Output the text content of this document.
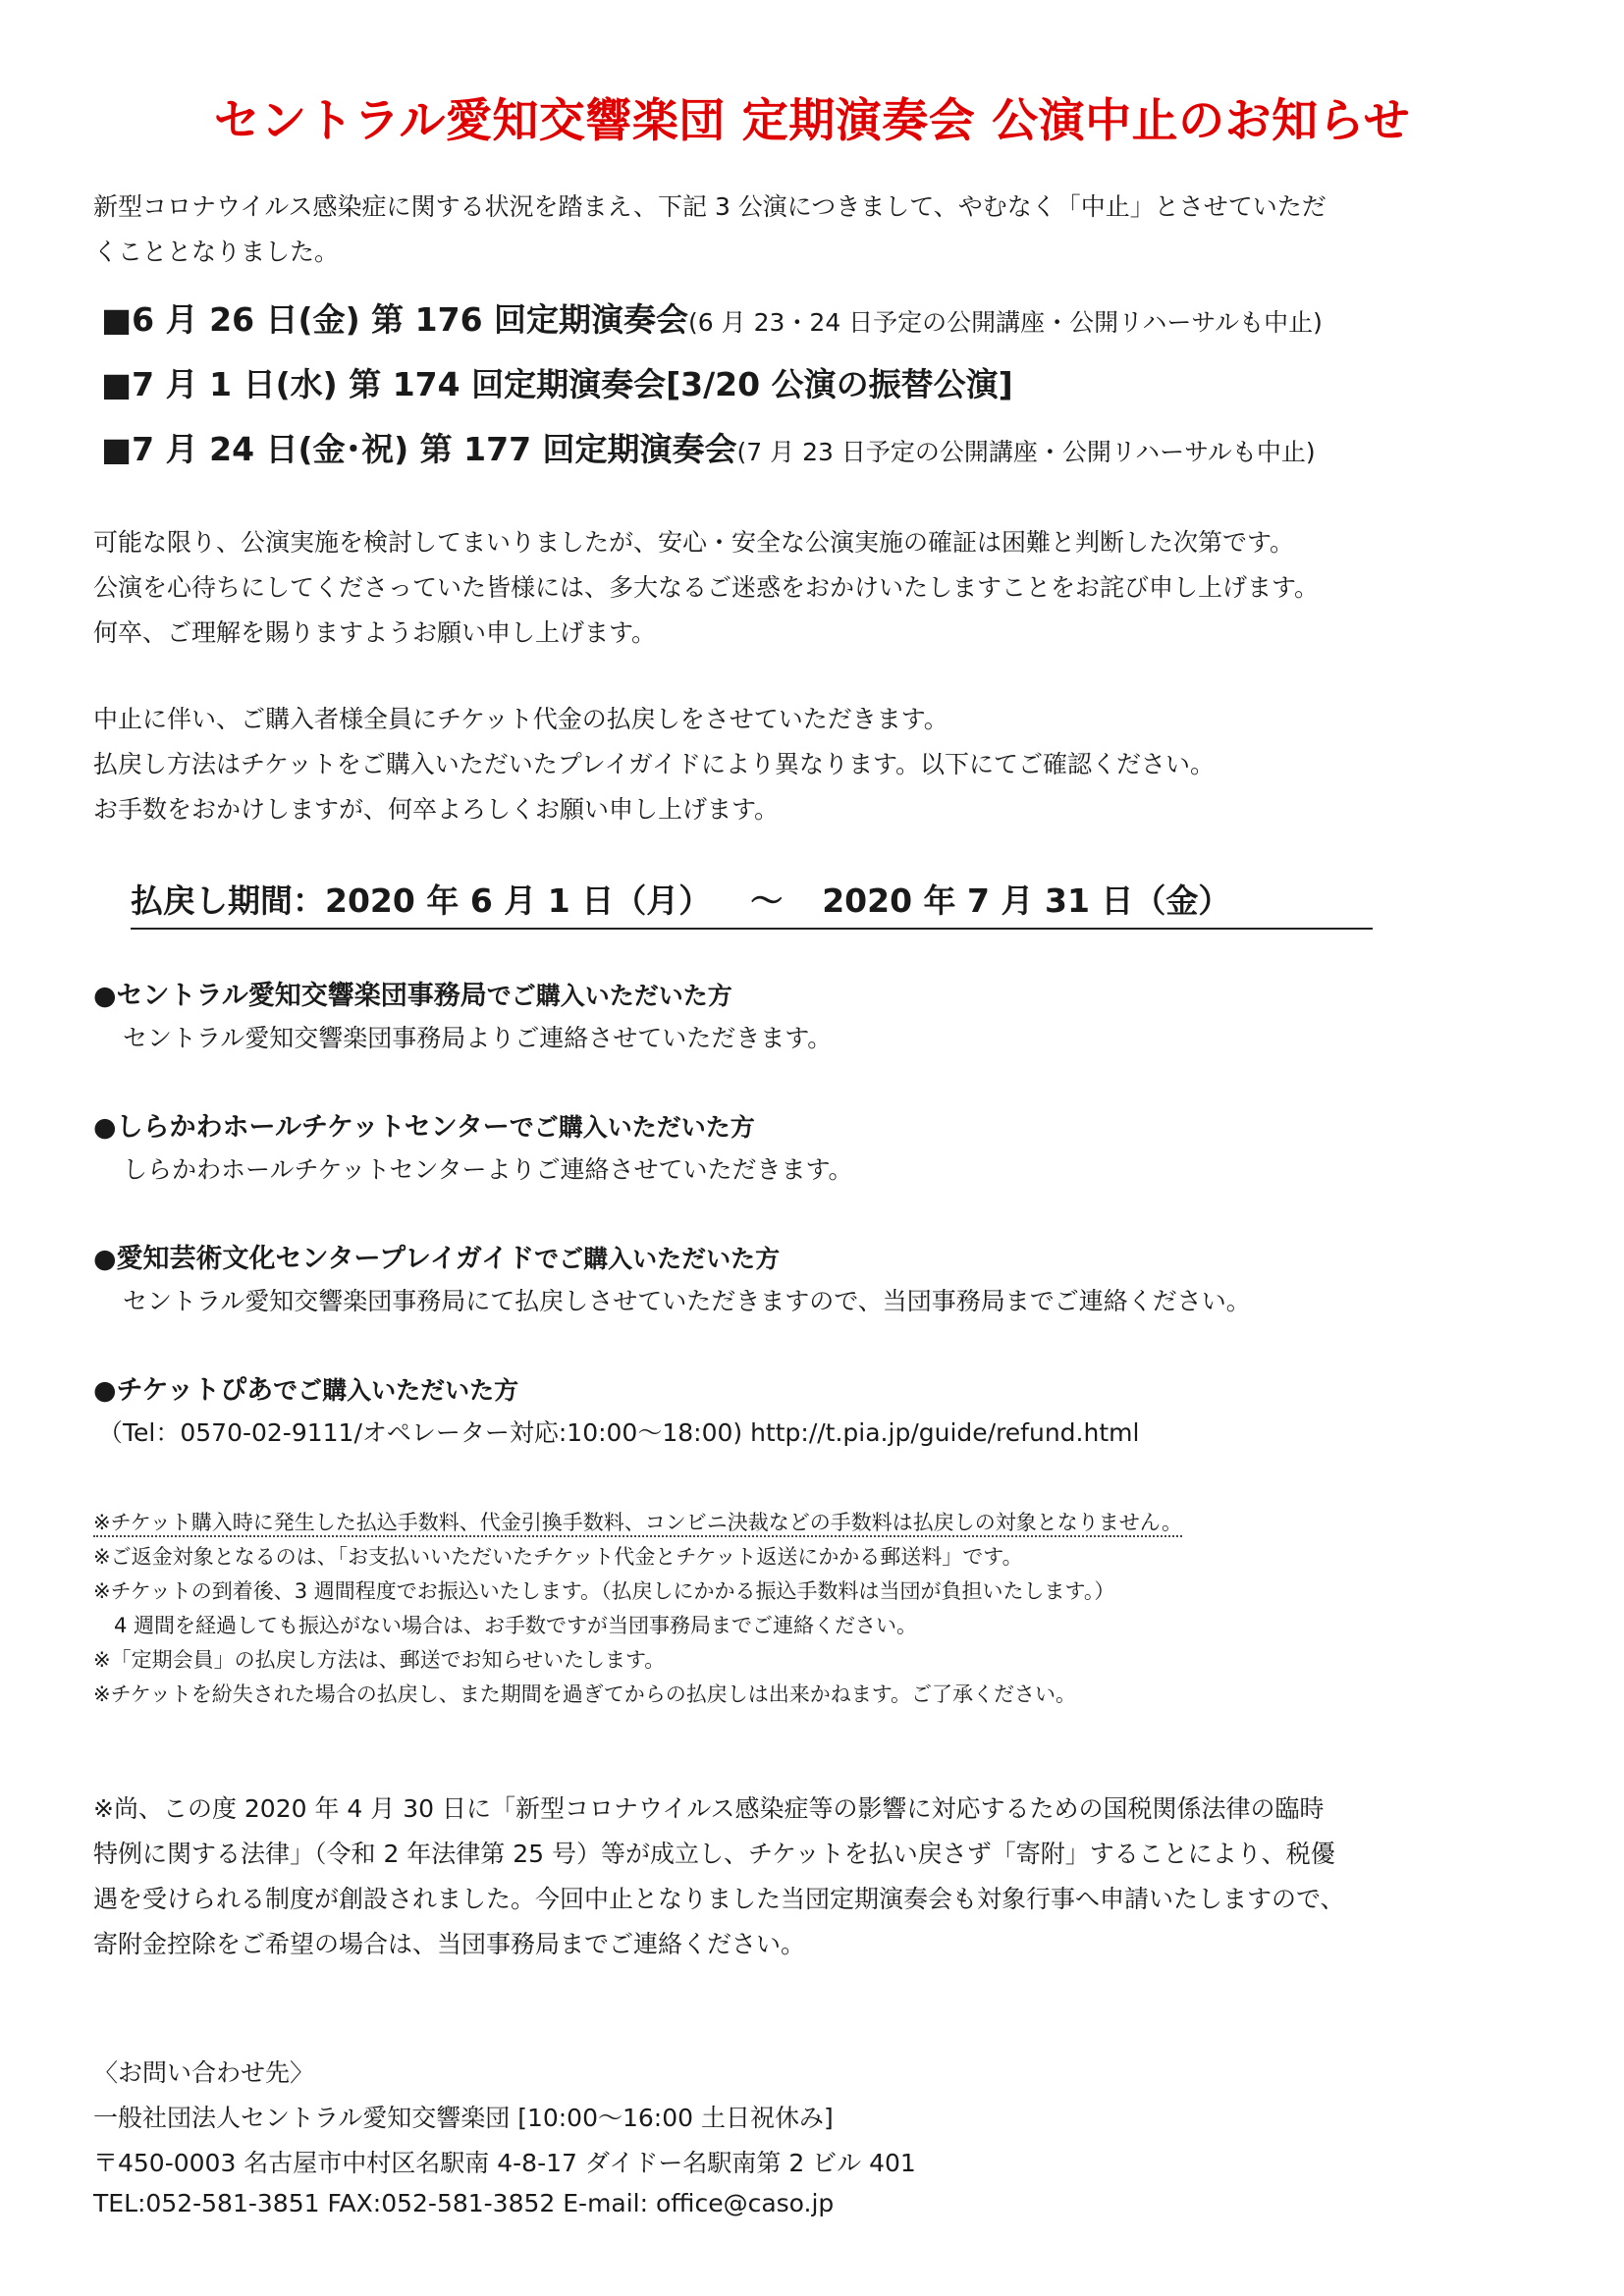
セントラル愛知交響楽団 定期演奏会 公演中止のお知らせ
新型コロナウイルス感染症に関する状況を踏まえ、下記 3 公演につきまして、やむなく「中止」とさせていただ
くこととなりました。
■6 月 26 日(金) 第 176 回定期演奏会(6 月 23・24 日予定の公開講座・公開リハーサルも中止)
■7 月 1 日(水) 第 174 回定期演奏会[3/20 公演の振替公演]
■7 月 24 日(金･祝) 第 177 回定期演奏会(7 月 23 日予定の公開講座・公開リハーサルも中止)
可能な限り、公演実施を検討してまいりましたが、安心・安全な公演実施の確証は困難と判断した次第です。
公演を心待ちにしてくださっていた皆様には、多大なるご迷惑をおかけいたしますことをお詫び申し上げます。
何卒、ご理解を賜りますようお願い申し上げます。
中止に伴い、ご購入者様全員にチケット代金の払戻しをさせていただきます。
払戻し方法はチケットをご購入いただいたプレイガイドにより異なります。以下にてご確認ください。
お手数をおかけしますが、何卒よろしくお願い申し上げます。
払戻し期間：2020 年 6 月 1 日（月） ～ 2020 年 7 月 31 日（金）
●セントラル愛知交響楽団事務局でご購入いただいた方
セントラル愛知交響楽団事務局よりご連絡させていただきます。
●しらかわホールチケットセンターでご購入いただいた方
しらかわホールチケットセンターよりご連絡させていただきます。
●愛知芸術文化センタープレイガイドでご購入いただいた方
セントラル愛知交響楽団事務局にて払戻しさせていただきますので、当団事務局までご連絡ください。
●チケットぴあでご購入いただいた方
（Tel：0570-02-9111/オペレーター対応:10:00～18:00) http://t.pia.jp/guide/refund.html
※チケット購入時に発生した払込手数料、代金引換手数料、コンビニ決裁などの手数料は払戻しの対象となりません。
※ご返金対象となるのは、「お支払いいただいたチケット代金とチケット返送にかかる郵送料」です。
※チケットの到着後、3 週間程度でお振込いたします。（払戻しにかかる振込手数料は当団が負担いたします。）
　4 週間を経過しても振込がない場合は、お手数ですが当団事務局までご連絡ください。
※「定期会員」の払戻し方法は、郵送でお知らせいたします。
※チケットを紛失された場合の払戻し、また期間を過ぎてからの払戻しは出来かねます。ご了承ください。
※尚、この度 2020 年 4 月 30 日に「新型コロナウイルス感染症等の影響に対応するための国税関係法律の臨時
特例に関する法律」（令和 2 年法律第 25 号）等が成立し、チケットを払い戻さず「寄附」することにより、税優
遇を受けられる制度が創設されました。今回中止となりました当団定期演奏会も対象行事へ申請いたしますので、
寄附金控除をご希望の場合は、当団事務局までご連絡ください。
〈お問い合わせ先〉
一般社団法人セントラル愛知交響楽団 [10:00～16:00 土日祝休み]
〒450-0003 名古屋市中村区名駅南 4-8-17 ダイドー名駅南第 2 ビル 401
TEL:052-581-3851 FAX:052-581-3852 E-mail: office@caso.jp
